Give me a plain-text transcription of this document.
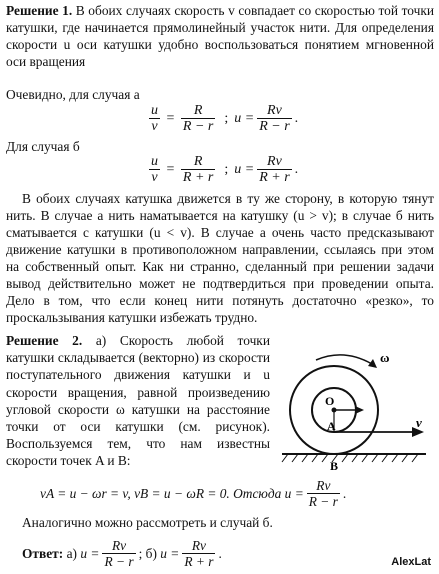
Решение 1. В обоих случаях скорость v совпадает со скоростью той точки катушки, где начинается прямолинейный участок нити. Для определения скорости u оси катушки удобно воспользоваться понятием мгновенной оси вращения

Очевидно, для случая а
$\frac{u}{v} = \frac{R}{R - r}$ ; $u = \frac{Rv}{R - r}$ .
Для случая б
$\frac{u}{v} = \frac{R}{R + r}$ ; $u = \frac{Rv}{R + r}$ .

В обоих случаях катушка движется в ту же сторону, в которую тянут нить. В случае а нить наматывается на катушку (u > v); в случае б нить сматывается с катушки (u < v). В случае а очень часто предсказывают движение катушки в противоположном направлении, ссылаясь при этом на собственный опыт. Как ни странно, сделанный при решении задачи вывод действительно может не подтвердиться при проведении опыта. Дело в том, что если конец нити потянуть достаточно «резко», то проскальзывания катушки избежать трудно.

Решение 2. а) Скорость любой точки катушки складывается (векторно) из скорости поступательного движения катушки и u скорости вращения, равной произведению угловой скорости ω катушки на расстояние точки от оси катушки (см. рисунок). Воспользуемся тем, что нам известны скорости точек A и B:

O
A
B
v
ω
vA = u − ωr = v, vB = u − ωR = 0. Отсюда
$u = \frac{Rv}{R - r}$ .
Аналогично можно рассмотреть и случай б.
Ответ:
а)
$u = \frac{Rv}{R - r}$ ; б)
$u = \frac{Rv}{R + r}$ .
AlexLat
